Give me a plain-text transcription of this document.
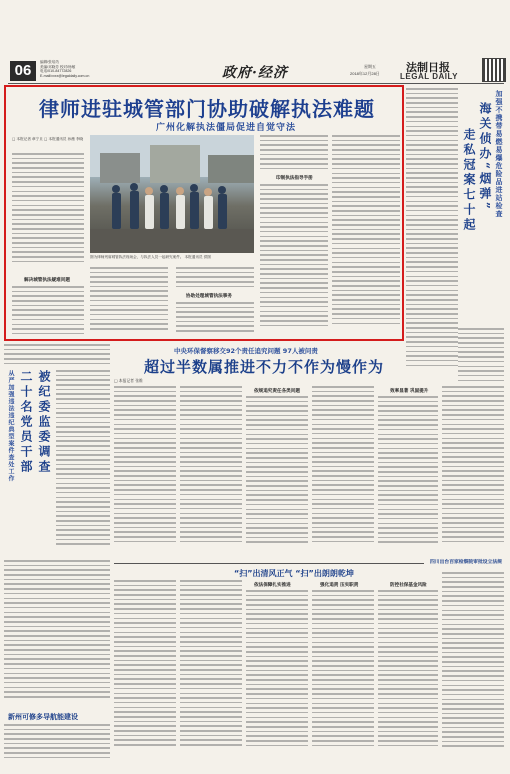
06	编辑/张培芮
美编/邓晓芳 校对/杨敏
电话/010-84772826
E-mail/xxxx@legaldaily.com.cn	政府·经济	星期五
2018年12月28日 法制日报
LEGAL DAILY
加强不携带易燃易爆危险品进站检查
海关侦办“烟弹”
走私冠案七十起
律师进驻城管部门协助破解执法难题
广州化解执法僵局促进自觉守法
□ 本报记者 章宁旦 □ 本报通讯员 孙薇 李晓
解决城管执法疑难问题
图为律师列席城管执法现场会，与执法人员一起研究案件。 本报通讯员 供图
协助处理城管执法事务
印制执法指导手册
从严加强违法违纪典型案件查处工作 二十名党员干部 被纪委监委调查
新州可修多导航能建设
中央环保督察移交92个责任追究问题 97人被问责
超过半数属推进不力不作为慢作为
□ 本报记者 张维
依规追究责任各类问题	效率显著 巩固提升
四川出台百家检察院审批设立法规
“扫”出清风正气 “扫”出朗朗乾坤
依法保障扎实推进	强化追责 压实职责	防控社保基金风险
